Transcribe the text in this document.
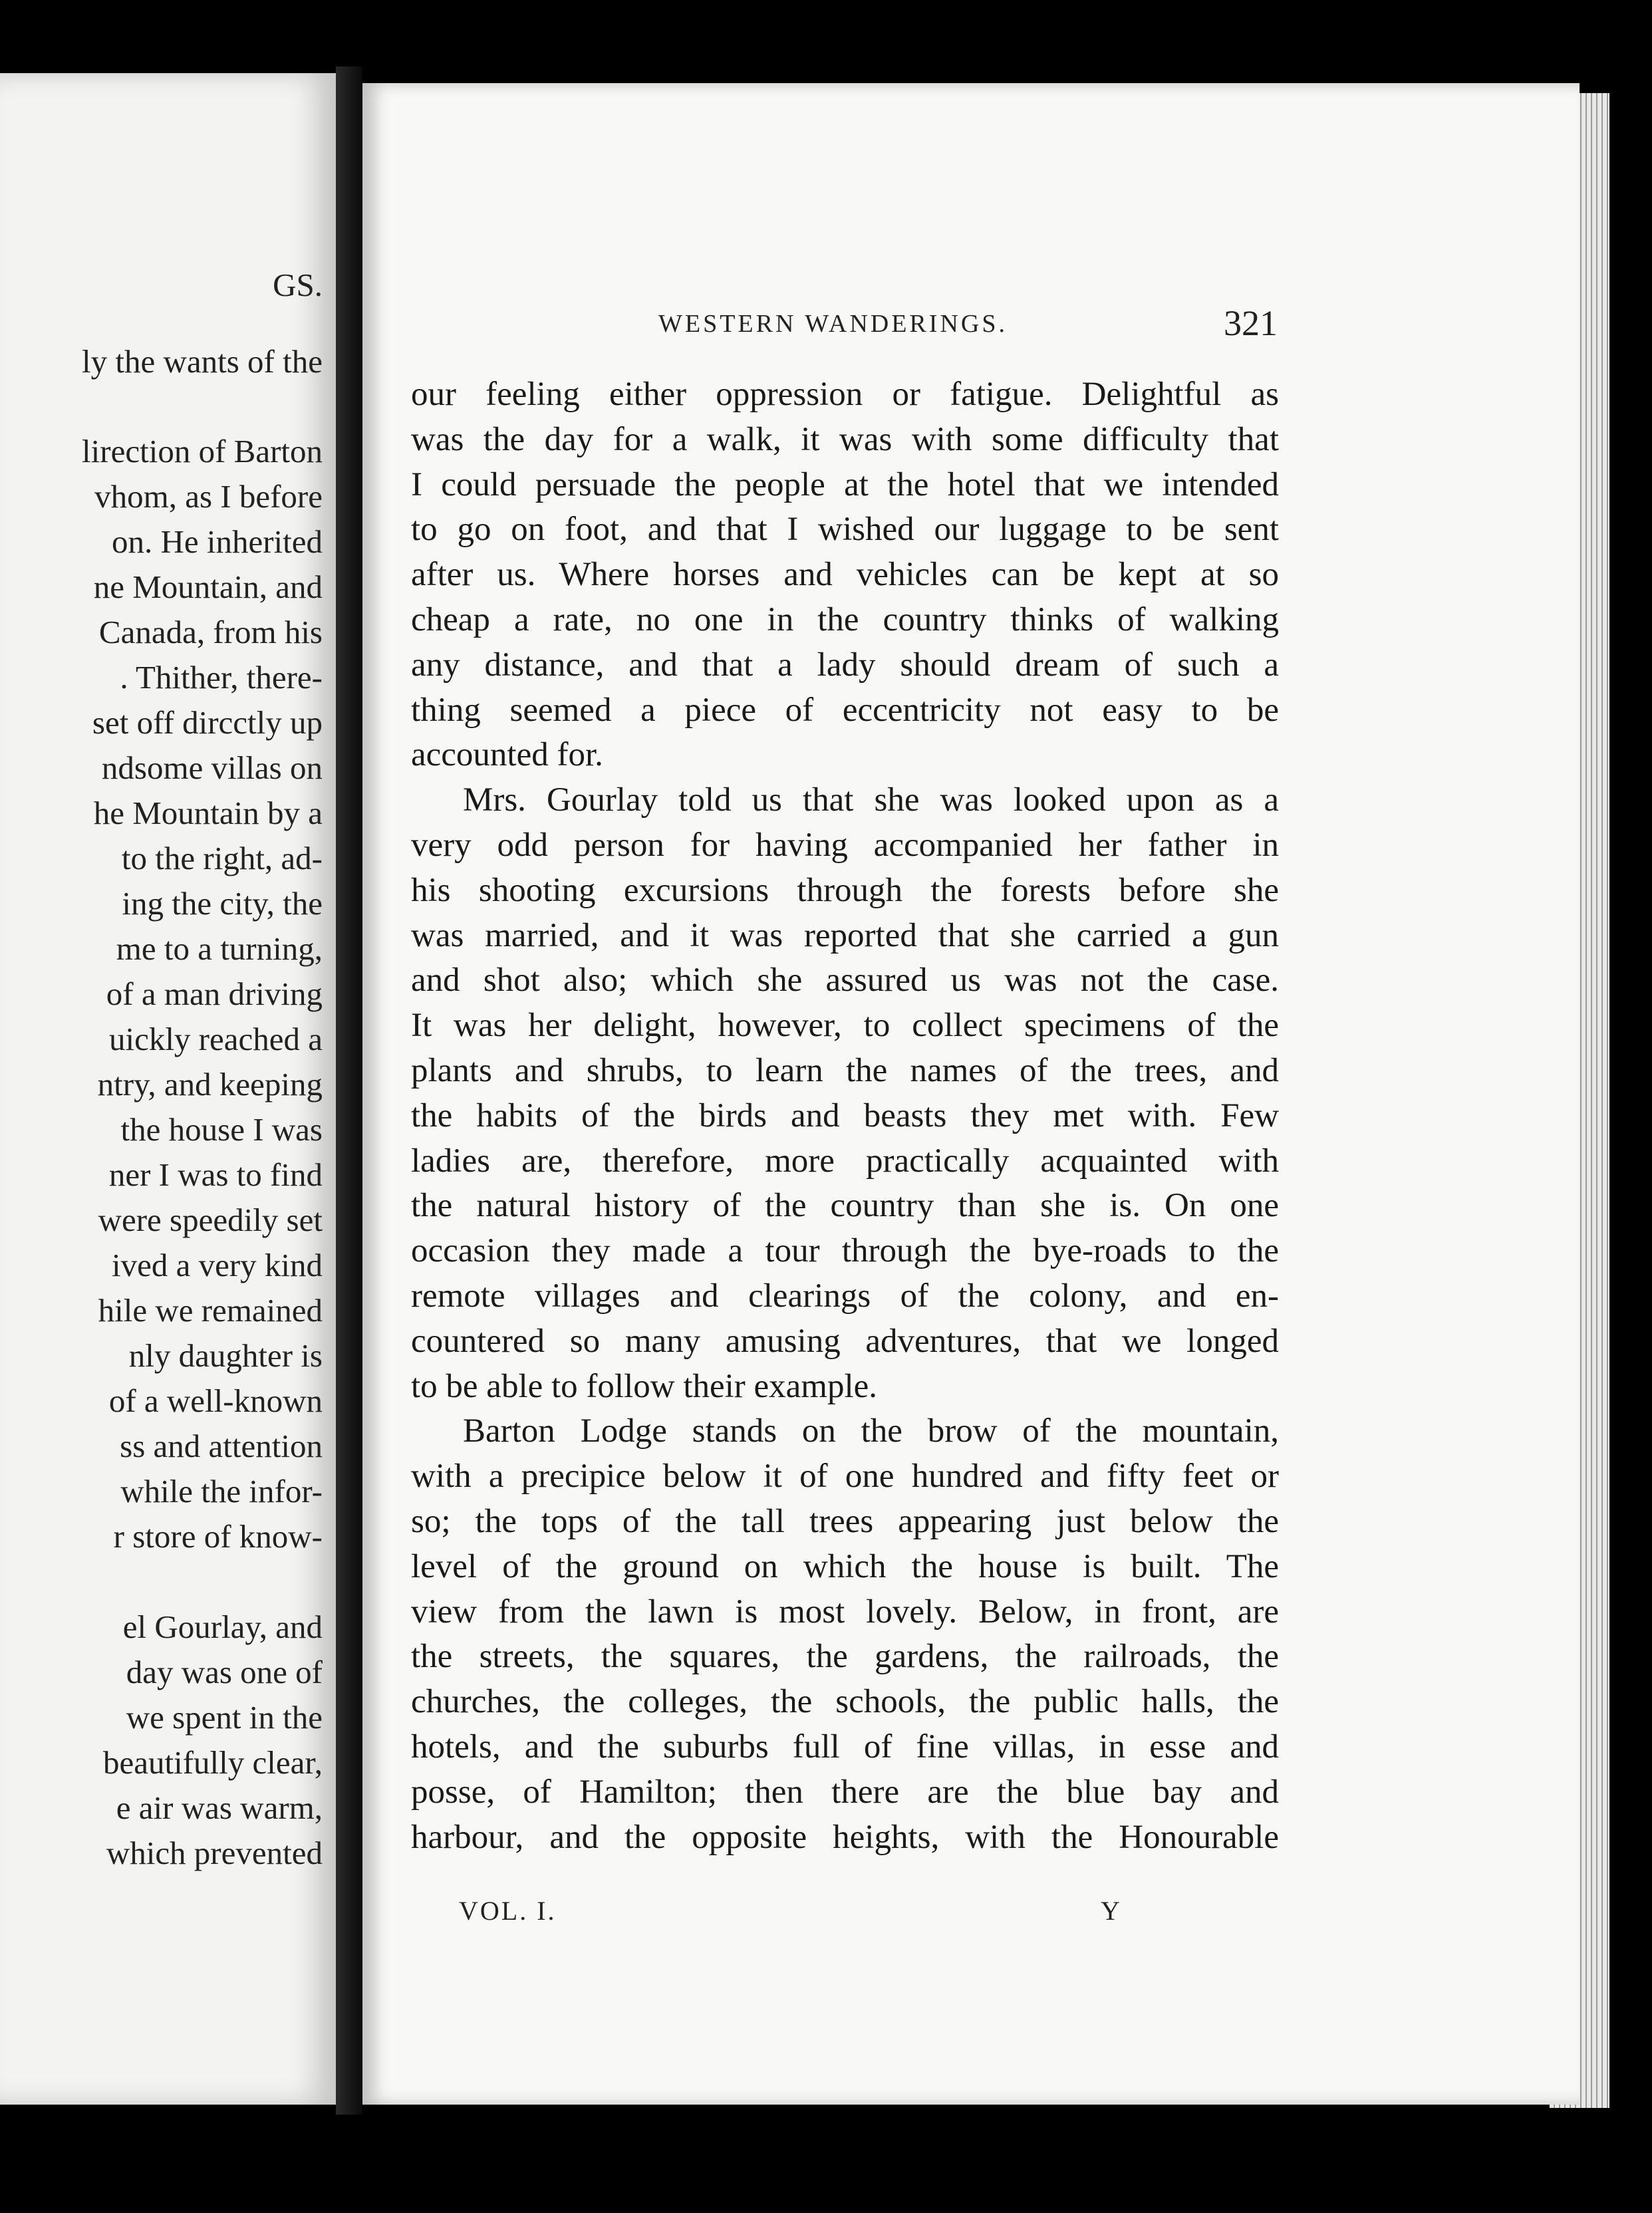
GS.
ly the wants of the
lirection of Barton
vhom, as I before
on. He inherited
ne Mountain, and
Canada, from his
. Thither, there-
set off dircctly up
ndsome villas on
he Mountain by a
to the right, ad-
ing the city, the
me to a turning,
of a man driving
uickly reached a
ntry, and keeping
the house I was
ner I was to find
were speedily set
ived a very kind
hile we remained
nly daughter is
of a well-known
ss and attention
while the infor-
r store of know-
el Gourlay, and
day was one of
we spent in the
beautifully clear,
e air was warm,
which prevented
WESTERN WANDERINGS.	321
our feeling either oppression or fatigue. Delightful as
was the day for a walk, it was with some difficulty that
I could persuade the people at the hotel that we intended
to go on foot, and that I wished our luggage to be sent
after us. Where horses and vehicles can be kept at so
cheap a rate, no one in the country thinks of walking
any distance, and that a lady should dream of such a
thing seemed a piece of eccentricity not easy to be
accounted for.
Mrs. Gourlay told us that she was looked upon as a
very odd person for having accompanied her father in
his shooting excursions through the forests before she
was married, and it was reported that she carried a gun
and shot also; which she assured us was not the case.
It was her delight, however, to collect specimens of the
plants and shrubs, to learn the names of the trees, and
the habits of the birds and beasts they met with. Few
ladies are, therefore, more practically acquainted with
the natural history of the country than she is. On one
occasion they made a tour through the bye-roads to the
remote villages and clearings of the colony, and en-
countered so many amusing adventures, that we longed
to be able to follow their example.
Barton Lodge stands on the brow of the mountain,
with a precipice below it of one hundred and fifty feet or
so; the tops of the tall trees appearing just below the
level of the ground on which the house is built. The
view from the lawn is most lovely. Below, in front, are
the streets, the squares, the gardens, the railroads, the
churches, the colleges, the schools, the public halls, the
hotels, and the suburbs full of fine villas, in esse and
posse, of Hamilton; then there are the blue bay and
harbour, and the opposite heights, with the Honourable
VOL. I.	Y
